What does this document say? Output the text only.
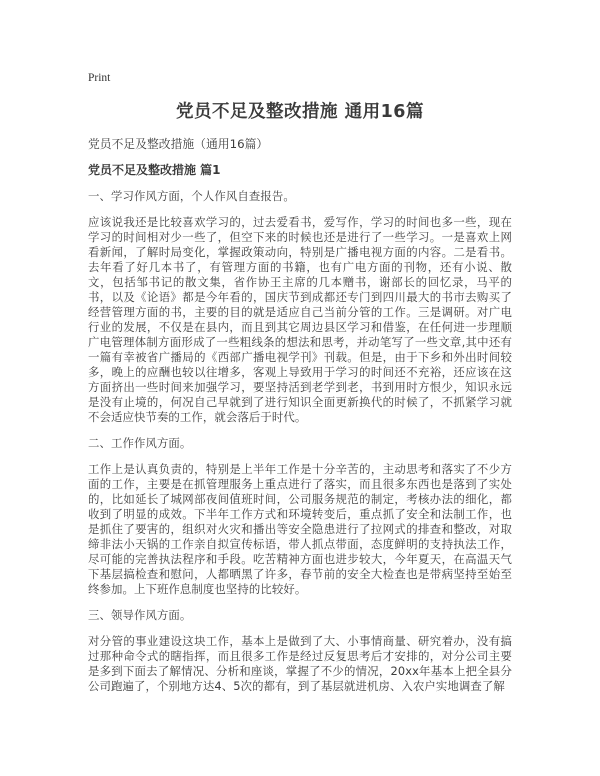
Print
党员不足及整改措施 通用16篇
党员不足及整改措施（通用16篇）
党员不足及整改措施 篇1
一、学习作风方面，个人作风自查报告。
应该说我还是比较喜欢学习的，过去爱看书，爱写作，学习的时间也多一些，现在学习的时间相对少一些了，但空下来的时候也还是进行了一些学习。一是喜欢上网看新闻，了解时局变化，掌握政策动向，特别是广播电视方面的内容。二是看书。去年看了好几本书了，有管理方面的书籍，也有广电方面的刊物，还有小说、散文，包括邹书记的散文集，省作协王主席的几本赠书，谢部长的回忆录，马平的书，以及《论语》都是今年看的，国庆节到成都还专门到四川最大的书市去购买了经营管理方面的书，主要的目的就是适应自己当前分管的工作。三是调研。对广电行业的发展，不仅是在县内，而且到其它周边县区学习和借鉴，在任何进一步理顺广电管理体制方面形成了一些粗线条的想法和思考，并动笔写了一些文章,其中还有一篇有幸被省广播局的《西部广播电视学刊》刊载。但是，由于下乡和外出时间较多，晚上的应酬也较以往增多，客观上导致用于学习的时间还不充裕，还应该在这方面挤出一些时间来加强学习，要坚持活到老学到老，书到用时方恨少，知识永远是没有止境的，何况自己早就到了进行知识全面更新换代的时候了，不抓紧学习就不会适应快节奏的工作，就会落后于时代。
二、工作作风方面。
工作上是认真负责的，特别是上半年工作是十分辛苦的，主动思考和落实了不少方面的工作，主要是在抓管理服务上重点进行了落实，而且很多东西也是落到了实处的，比如延长了城网部夜间值班时间，公司服务规范的制定，考核办法的细化，都收到了明显的成效。下半年工作方式和环境转变后，重点抓了安全和法制工作，也是抓住了要害的，组织对火灾和播出等安全隐患进行了拉网式的排查和整改，对取缔非法小天锅的工作亲自拟宣传标语，带人抓点带面，态度鲜明的支持执法工作，尽可能的完善执法程序和手段。吃苦精神方面也进步较大，今年夏天，在高温天气下基层搞检查和慰问，人都晒黑了许多，春节前的安全大检查也是带病坚持至始至终参加。上下班作息制度也坚持的比较好。
三、领导作风方面。
对分管的事业建设这块工作，基本上是做到了大、小事情商量、研究着办，没有搞过那种命令式的瞎指挥，而且很多工作是经过反复思考后才安排的，对分公司主要是多到下面去了解情况、分析和座谈，掌握了不少的情况，20xx年基本上把全县分公司跑遍了，个别地方达4、5次的都有，到了基层就进机房、入农户实地调查了解
